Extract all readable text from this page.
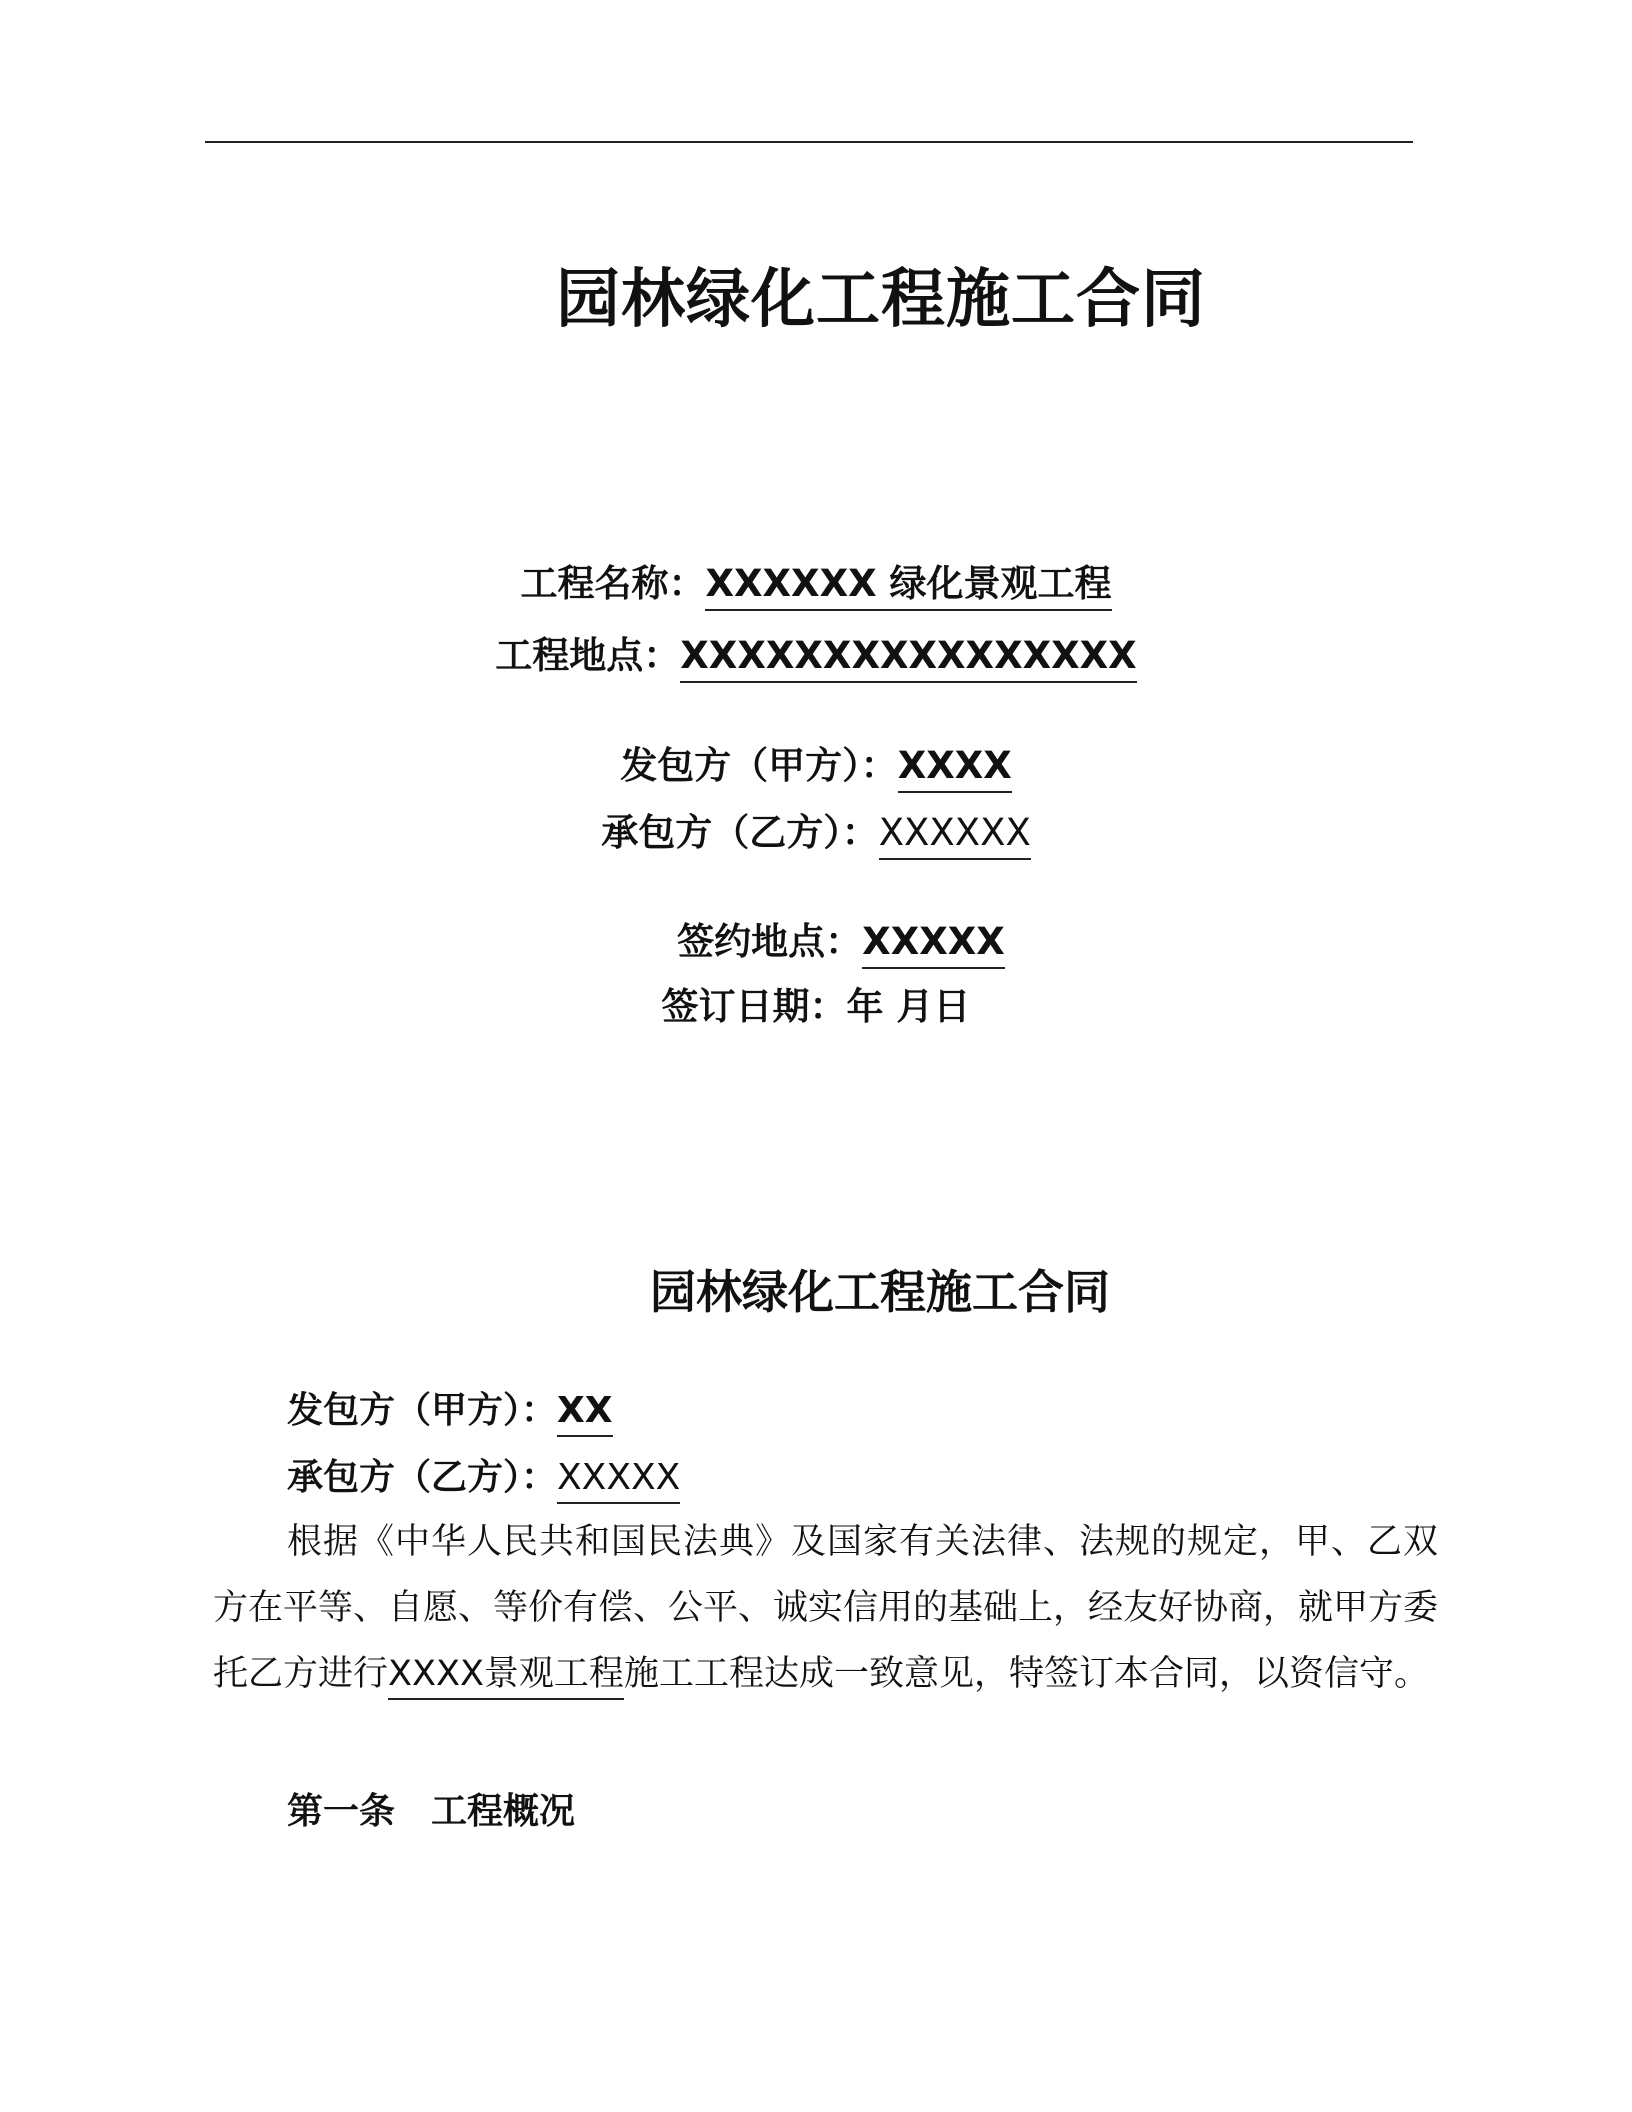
园林绿化工程施工合同
工程名称：XXXXXX 绿化景观工程
工程地点：XXXXXXXXXXXXXXXX
发包方（甲方）：XXXX
承包方（乙方）：XXXXXX
签约地点：XXXXX
签订日期：年 月日
园林绿化工程施工合同
发包方（甲方）：XX
承包方（乙方）：XXXXX
根据《中华人民共和国民法典》及国家有关法律、法规的规定，甲、乙双方在平等、自愿、等价有偿、公平、诚实信用的基础上，经友好协商，就甲方委托乙方进行XXXX景观工程施工工程达成一致意见，特签订本合同，以资信守。
第一条 工程概况
